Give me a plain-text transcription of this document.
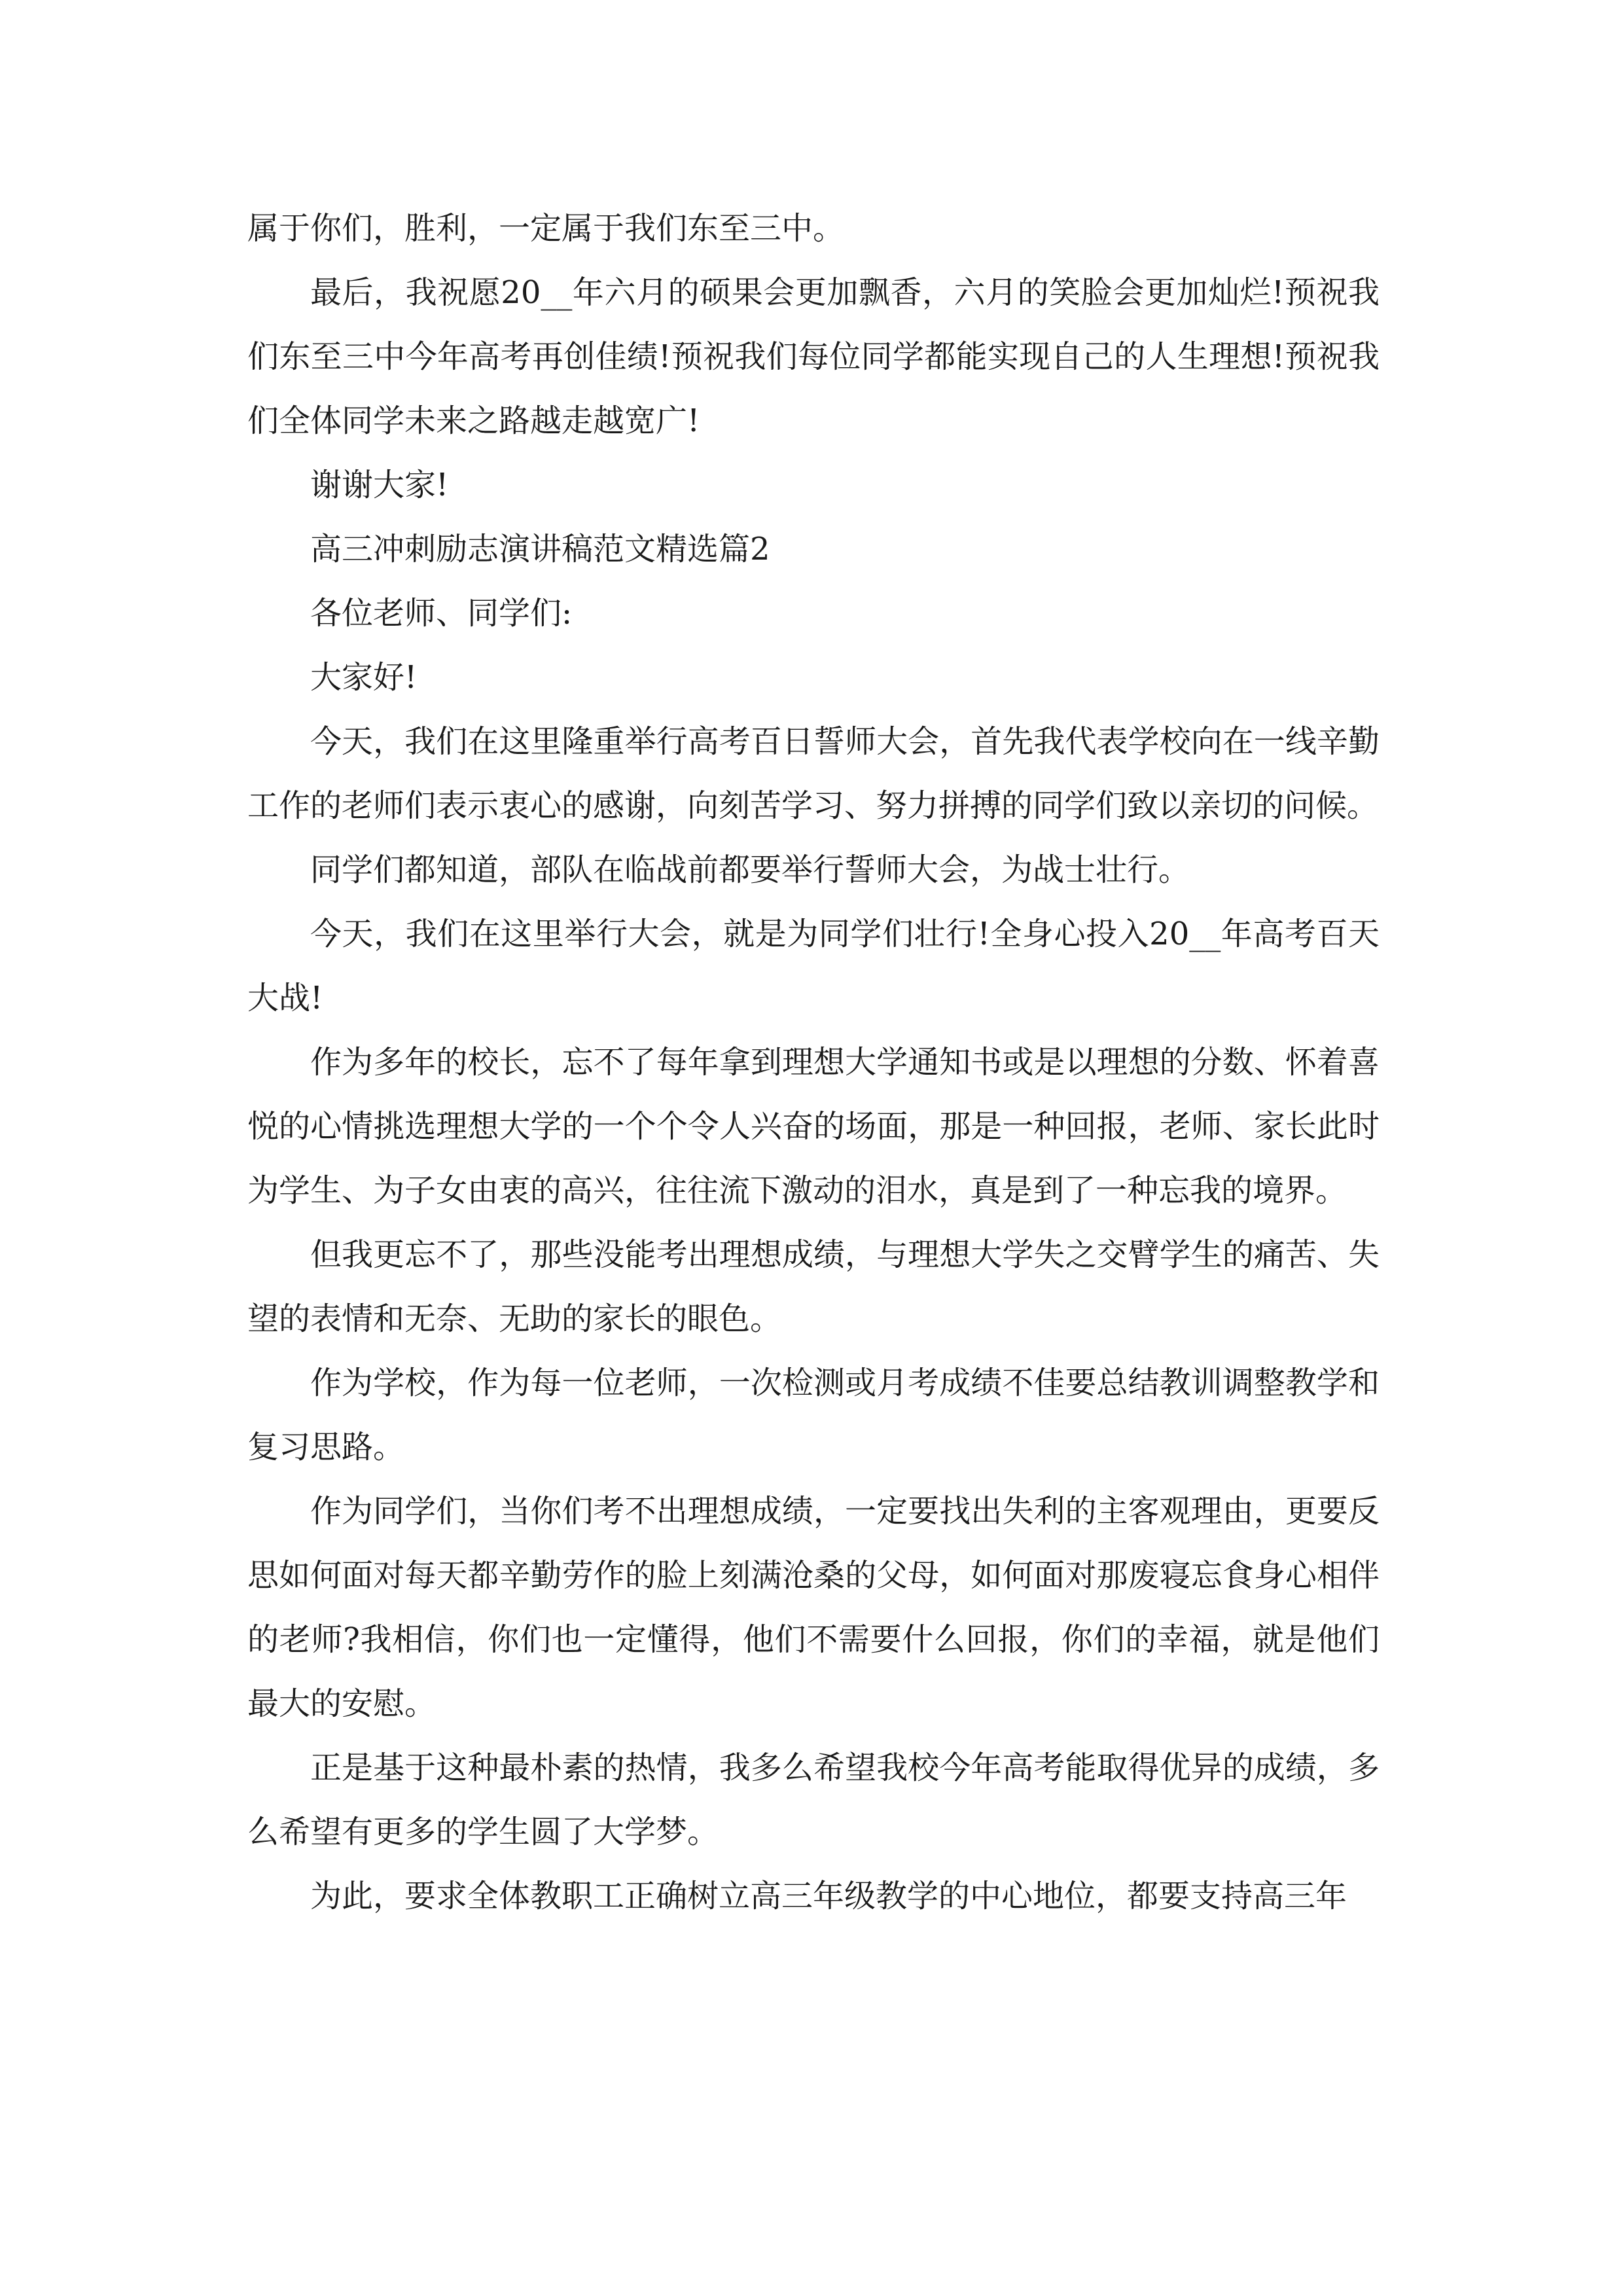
属于你们，胜利，一定属于我们东至三中。

最后，我祝愿20__年六月的硕果会更加飘香，六月的笑脸会更加灿烂!预祝我们东至三中今年高考再创佳绩!预祝我们每位同学都能实现自己的人生理想!预祝我们全体同学未来之路越走越宽广!

谢谢大家!

高三冲刺励志演讲稿范文精选篇2

各位老师、同学们:

大家好!

今天，我们在这里隆重举行高考百日誓师大会，首先我代表学校向在一线辛勤工作的老师们表示衷心的感谢，向刻苦学习、努力拼搏的同学们致以亲切的问候。

同学们都知道，部队在临战前都要举行誓师大会，为战士壮行。

今天，我们在这里举行大会，就是为同学们壮行!全身心投入20__年高考百天大战!

作为多年的校长，忘不了每年拿到理想大学通知书或是以理想的分数、怀着喜悦的心情挑选理想大学的一个个令人兴奋的场面，那是一种回报，老师、家长此时为学生、为子女由衷的高兴，往往流下激动的泪水，真是到了一种忘我的境界。

但我更忘不了，那些没能考出理想成绩，与理想大学失之交臂学生的痛苦、失望的表情和无奈、无助的家长的眼色。

作为学校，作为每一位老师，一次检测或月考成绩不佳要总结教训调整教学和复习思路。

作为同学们，当你们考不出理想成绩，一定要找出失利的主客观理由，更要反思如何面对每天都辛勤劳作的脸上刻满沧桑的父母，如何面对那废寝忘食身心相伴的老师?我相信，你们也一定懂得，他们不需要什么回报，你们的幸福，就是他们最大的安慰。

正是基于这种最朴素的热情，我多么希望我校今年高考能取得优异的成绩，多么希望有更多的学生圆了大学梦。

为此，要求全体教职工正确树立高三年级教学的中心地位，都要支持高三年
